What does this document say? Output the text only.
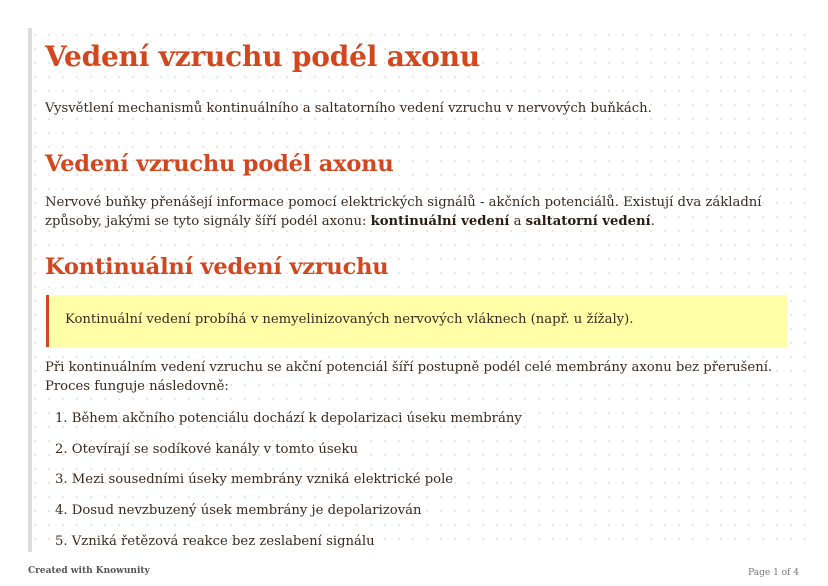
Vedení vzruchu podél axonu

Vysvětlení mechanismů kontinuálního a saltatorního vedení vzruchu v nervových buňkách.

Vedení vzruchu podél axonu

Nervové buňky přenášejí informace pomocí elektrických signálů - akčních potenciálů. Existují dva základní způsoby, jakými se tyto signály šíří podél axonu: kontinuální vedení a saltatorní vedení.

Kontinuální vedení vzruchu
Kontinuální vedení probíhá v nemyelinizovaných nervových vláknech (např. u žížaly).

Při kontinuálním vedení vzruchu se akční potenciál šíří postupně podél celé membrány axonu bez přerušení. Proces funguje následovně:

1. Během akčního potenciálu dochází k depolarizaci úseku membrány
2. Otevírají se sodíkové kanály v tomto úseku
3. Mezi sousedními úseky membrány vzniká elektrické pole
4. Dosud nevzbuzený úsek membrány je depolarizován
5. Vzniká řetězová reakce bez zeslabení signálu
Created with Knowunity	Page 1 of 4
